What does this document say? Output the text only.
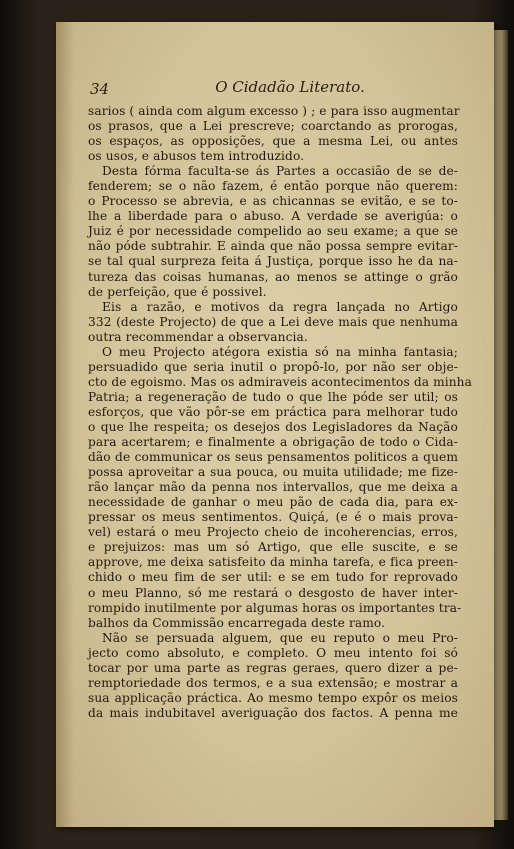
34	O Cidadão Literato.
sarios ( ainda com algum excesso ) ; e para isso augmentar
os prasos, que a Lei prescreve; coarctando as prorogas,
os espaços, as opposições, que a mesma Lei, ou antes
os usos, e abusos tem introduzido.
Desta fórma faculta-se ás Partes a occasião de se de-
fenderem; se o não fazem, é então porque não querem:
o Processo se abrevia, e as chicannas se evitão, e se to-
lhe a liberdade para o abuso. A verdade se averigúa: o
Juiz é por necessidade compelido ao seu exame; a que se
não póde subtrahir. E ainda que não possa sempre evitar-
se tal qual surpreza feita á Justiça, porque isso he da na-
tureza das coisas humanas, ao menos se attinge o grão
de perfeição, que é possivel.
Eis a razão, e motivos da regra lançada no Artigo
332 (deste Projecto) de que a Lei deve mais que nenhuma
outra recommendar a observancia.
O meu Projecto atégora existia só na minha fantasia;
persuadido que seria inutil o propô-lo, por não ser obje-
cto de egoismo. Mas os admiraveis acontecimentos da minha
Patria; a regeneração de tudo o que lhe póde ser util; os
esforços, que vão pôr-se em práctica para melhorar tudo
o que lhe respeita; os desejos dos Legisladores da Nação
para acertarem; e finalmente a obrigação de todo o Cida-
dão de communicar os seus pensamentos politicos a quem
possa aproveitar a sua pouca, ou muita utilidade; me fize-
rão lançar mão da penna nos intervallos, que me deixa a
necessidade de ganhar o meu pão de cada dia, para ex-
pressar os meus sentimentos. Quiçá, (e é o mais prova-
vel) estará o meu Projecto cheio de incoherencias, erros,
e prejuizos: mas um só Artigo, que elle suscite, e se
approve, me deixa satisfeito da minha tarefa, e fica preen-
chido o meu fim de ser util: e se em tudo for reprovado
o meu Planno, só me restará o desgosto de haver inter-
rompido inutilmente por algumas horas os importantes tra-
balhos da Commissão encarregada deste ramo.
Não se persuada alguem, que eu reputo o meu Pro-
jecto como absoluto, e completo. O meu intento foi só
tocar por uma parte as regras geraes, quero dizer a pe-
remptoriedade dos termos, e a sua extensão; e mostrar a
sua applicação práctica. Ao mesmo tempo expôr os meios
da mais indubitavel averiguação dos factos. A penna me
